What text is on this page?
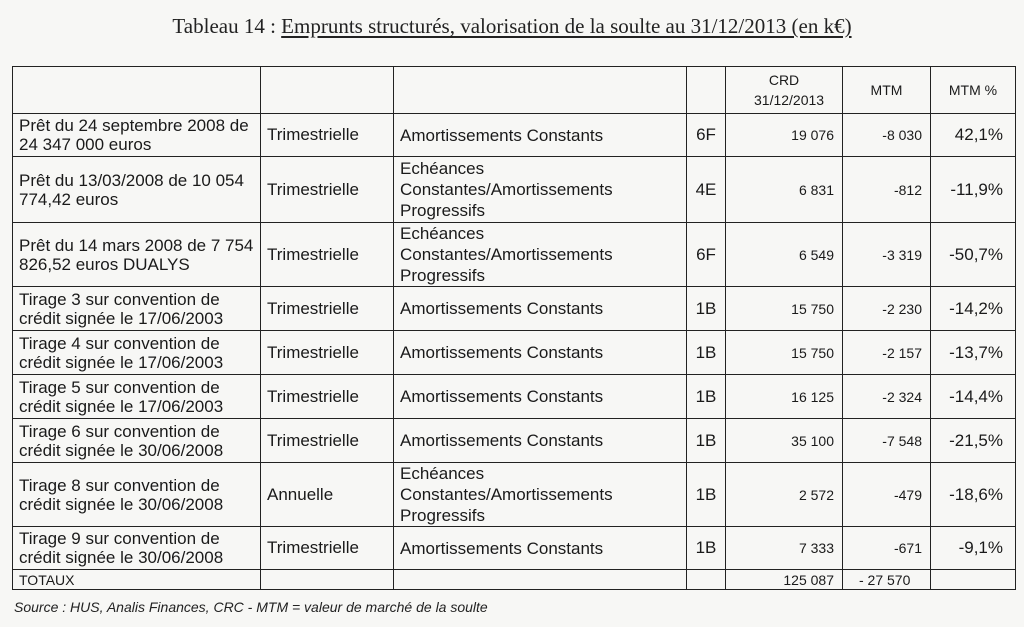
Tableau 14 : Emprunts structurés, valorisation de la soulte au 31/12/2013 (en k€)
				CRD 31/12/2013	MTM	MTM %
Prêt du 24 septembre 2008 de 24 347 000 euros	Trimestrielle	Amortissements Constants	6F	19 076	-8 030	42,1%
Prêt du 13/03/2008 de 10 054 774,42 euros	Trimestrielle	Echéances Constantes/Amortissements Progressifs	4E	6 831	-812	-11,9%
Prêt du 14 mars 2008 de 7 754 826,52 euros DUALYS	Trimestrielle	Echéances Constantes/Amortissements Progressifs	6F	6 549	-3 319	-50,7%
Tirage 3 sur convention de crédit signée le 17/06/2003	Trimestrielle	Amortissements Constants	1B	15 750	-2 230	-14,2%
Tirage 4 sur convention de crédit signée le 17/06/2003	Trimestrielle	Amortissements Constants	1B	15 750	-2 157	-13,7%
Tirage 5 sur convention de crédit signée le 17/06/2003	Trimestrielle	Amortissements Constants	1B	16 125	-2 324	-14,4%
Tirage 6 sur convention de crédit signée le 30/06/2008	Trimestrielle	Amortissements Constants	1B	35 100	-7 548	-21,5%
Tirage 8 sur convention de crédit signée le 30/06/2008	Annuelle	Echéances Constantes/Amortissements Progressifs	1B	2 572	-479	-18,6%
Tirage 9 sur convention de crédit signée le 30/06/2008	Trimestrielle	Amortissements Constants	1B	7 333	-671	-9,1%
TOTAUX				125 087	- 27 570	
Source : HUS, Analis Finances, CRC - MTM = valeur de marché de la soulte
